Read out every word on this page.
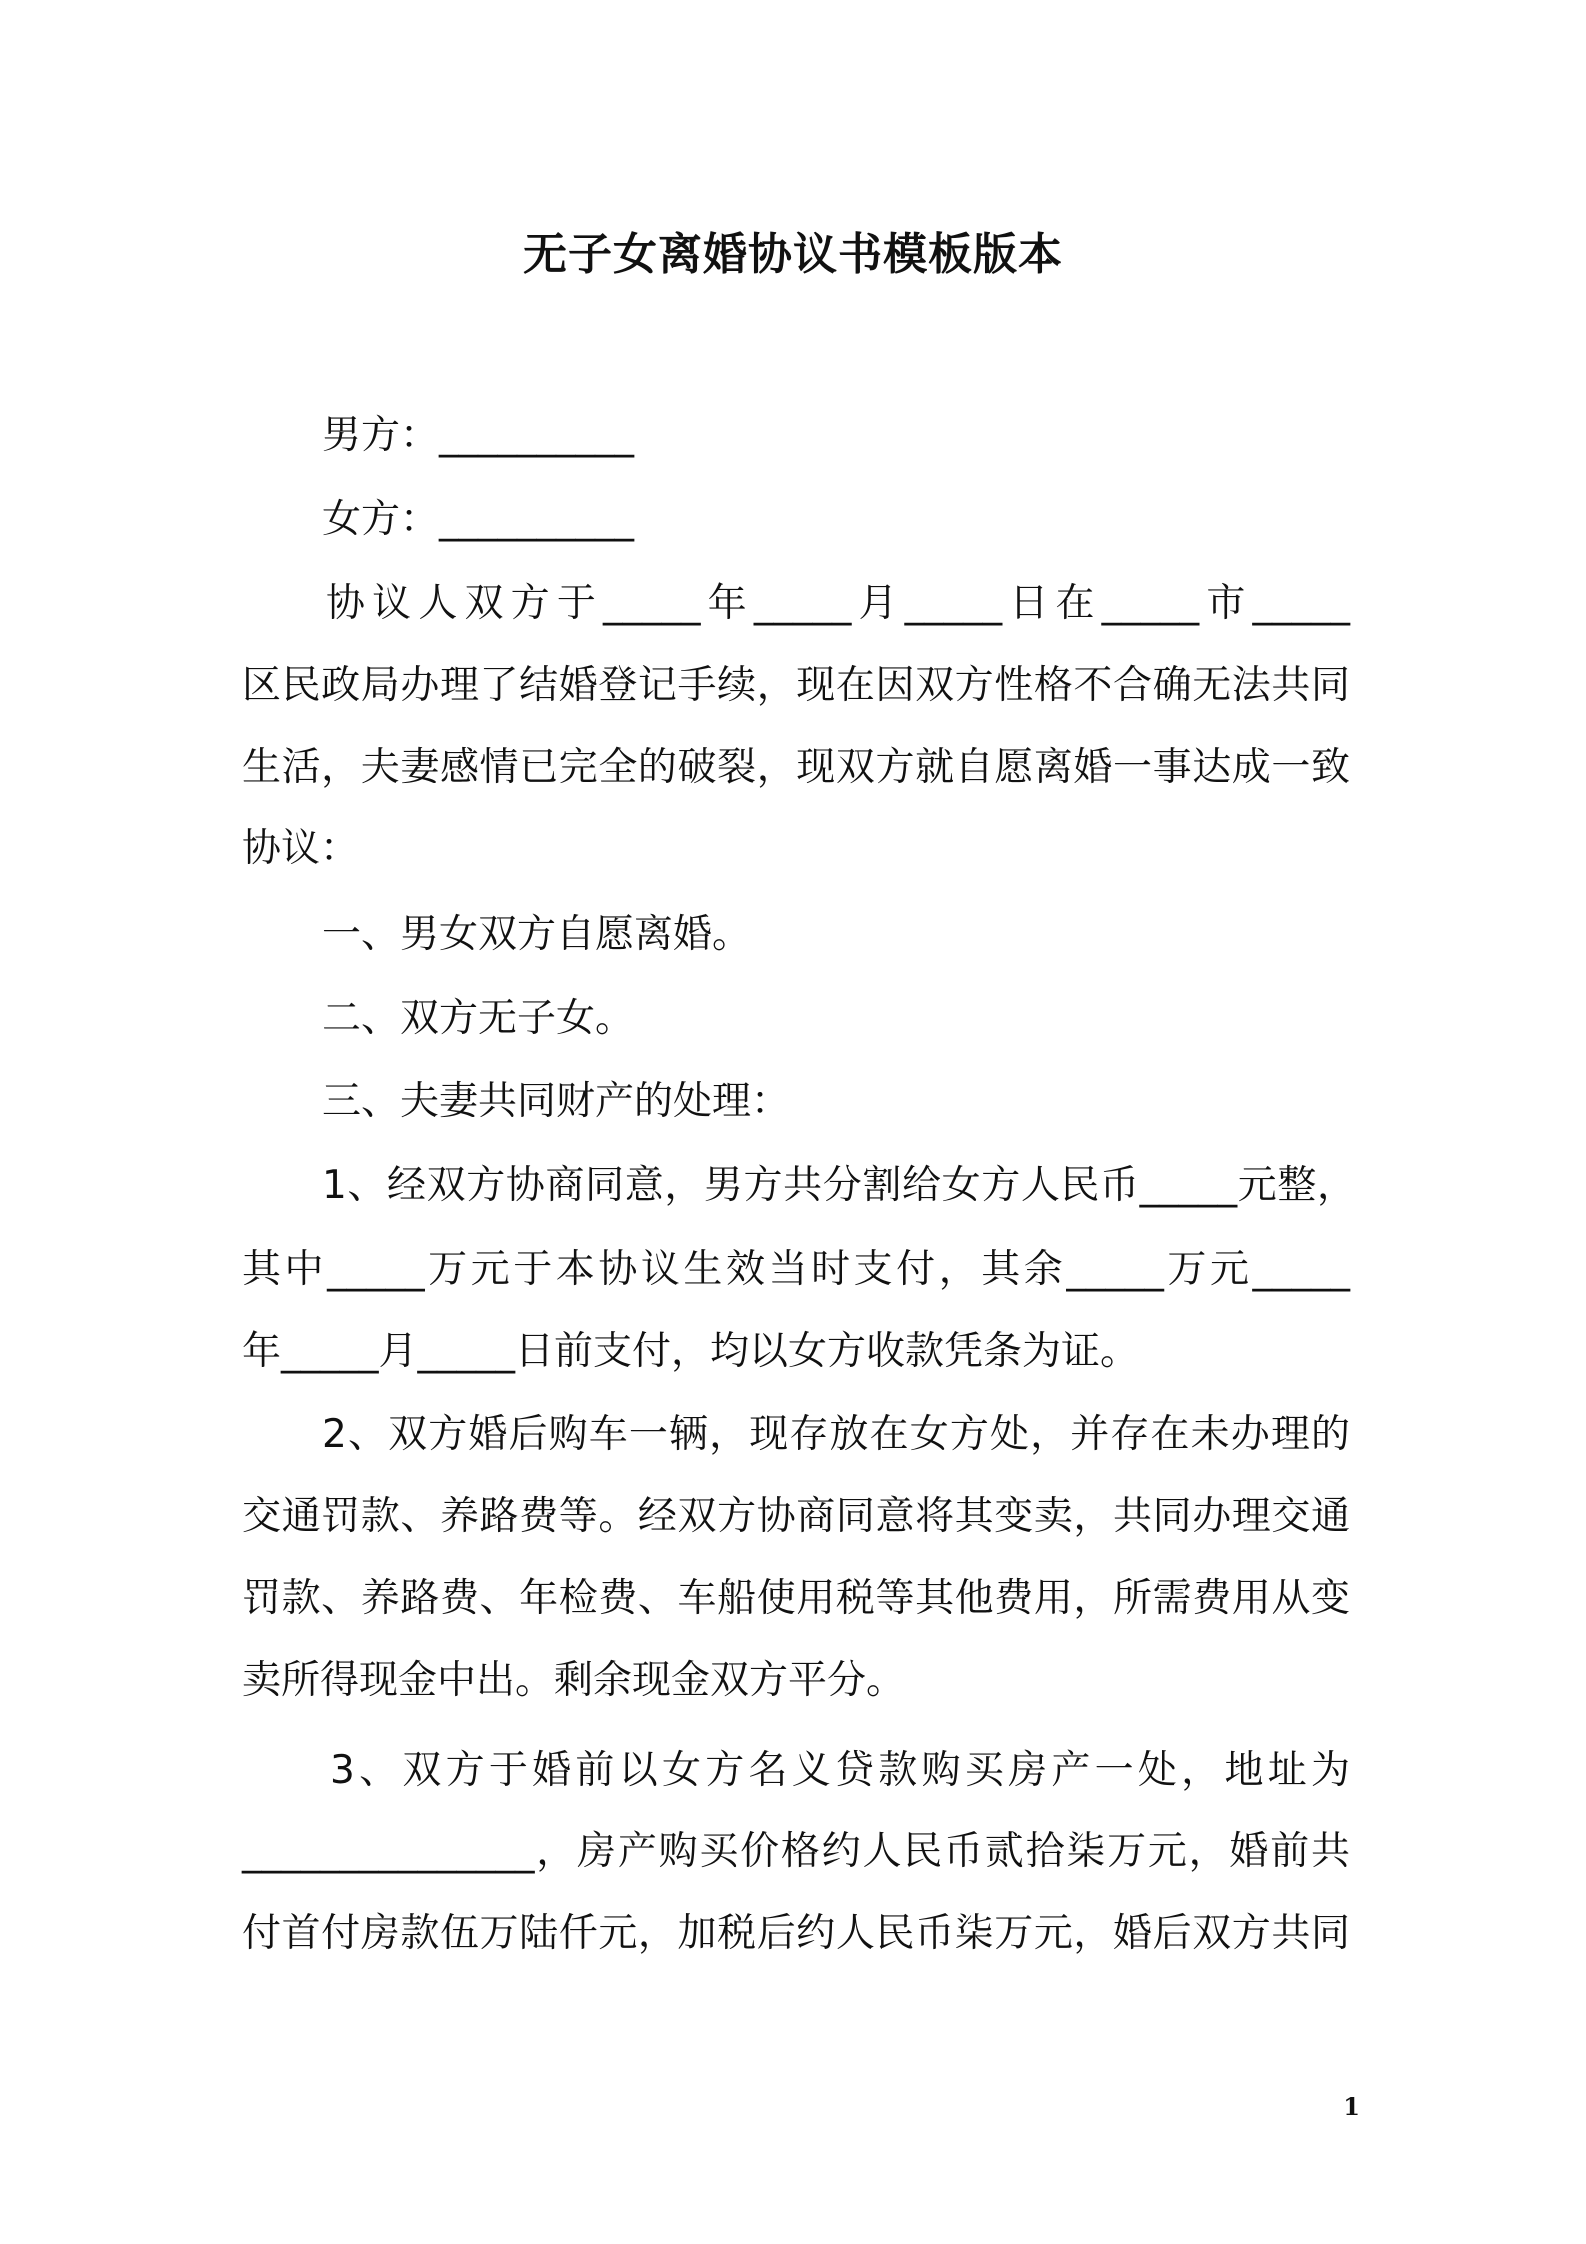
无子女离婚协议书模板版本

男方：__________

女方：__________

协议人双方于_____年_____月_____日在_____市_____

区民政局办理了结婚登记手续，现在因双方性格不合确无法共同

生活，夫妻感情已完全的破裂，现双方就自愿离婚一事达成一致

协议：

一、男女双方自愿离婚。

二、双方无子女。

三、夫妻共同财产的处理：

1、经双方协商同意，男方共分割给女方人民币_____元整，

其中_____万元于本协议生效当时支付，其余_____万元_____

年_____月_____日前支付，均以女方收款凭条为证。

2、双方婚后购车一辆，现存放在女方处，并存在未办理的

交通罚款、养路费等。经双方协商同意将其变卖，共同办理交通

罚款、养路费、年检费、车船使用税等其他费用，所需费用从变

卖所得现金中出。剩余现金双方平分。

3、双方于婚前以女方名义贷款购买房产一处，地址为

_______________，房产购买价格约人民币贰拾柒万元，婚前共

付首付房款伍万陆仟元，加税后约人民币柒万元，婚后双方共同

1
